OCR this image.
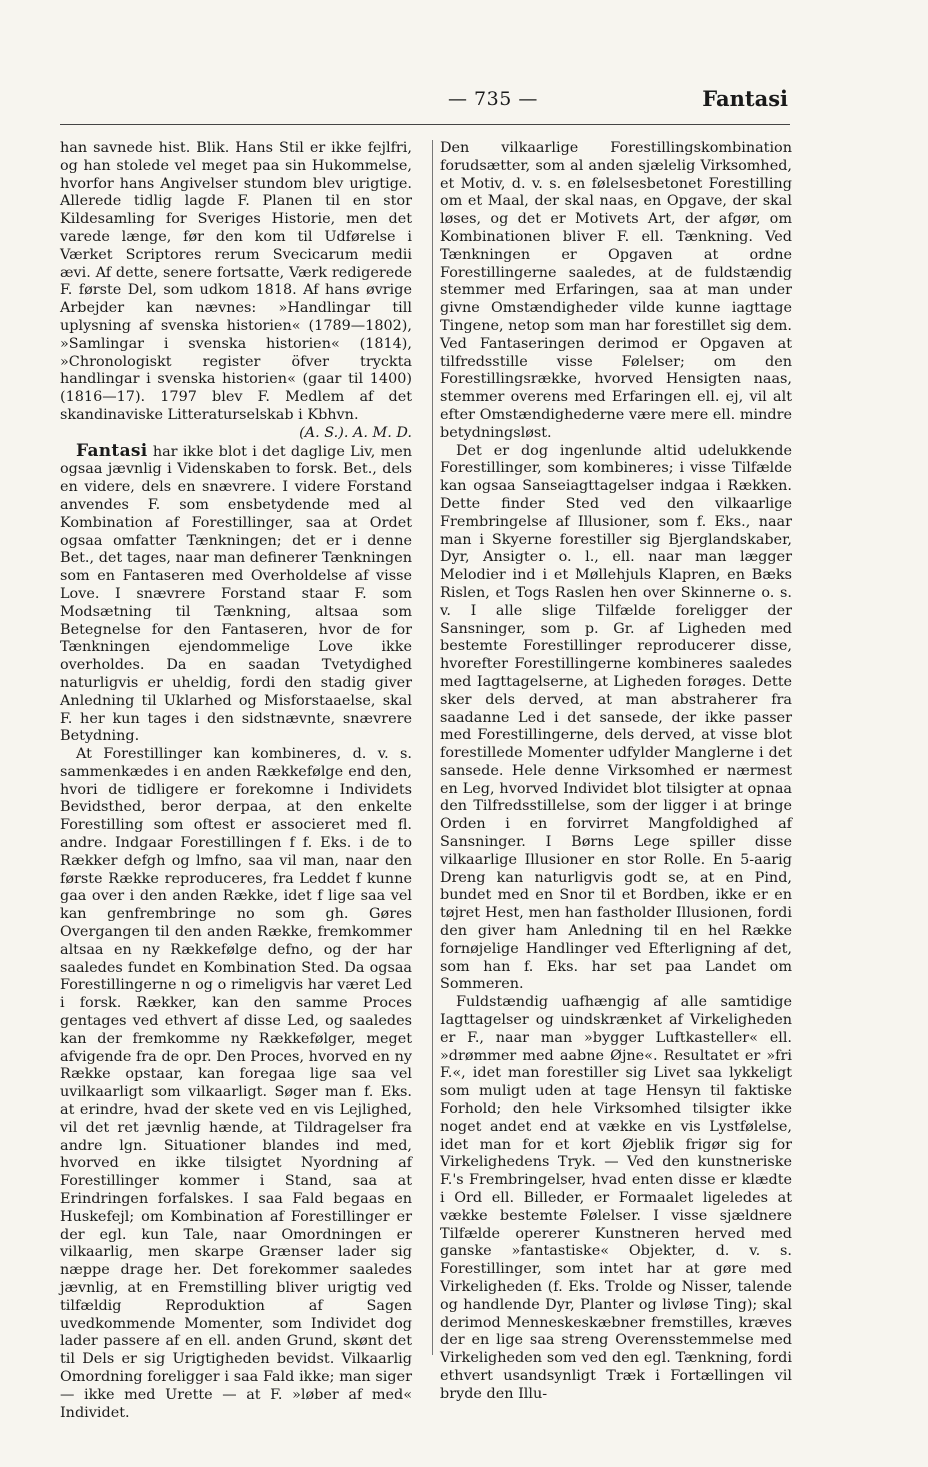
— 735 —	Fantasi

han savnede hist. Blik. Hans Stil er ikke fejlfri, og han stolede vel meget paa sin Hukommelse, hvorfor hans Angivelser stundom blev urigtige. Allerede tidlig lagde F. Planen til en stor Kildesamling for Sveriges Historie, men det varede længe, før den kom til Udførelse i Værket Scriptores rerum Svecicarum medii ævi. Af dette, senere fortsatte, Værk redigerede F. første Del, som udkom 1818. Af hans øvrige Arbejder kan nævnes: »Handlingar till uplysning af svenska historien« (1789—1802), »Samlingar i svenska historien« (1814), »Chronologiskt register öfver tryckta handlingar i svenska historien« (gaar til 1400) (1816—17). 1797 blev F. Medlem af det skandinaviske Litteraturselskab i Kbhvn.

(A. S.). A. M. D.

Fantasi har ikke blot i det daglige Liv, men ogsaa jævnlig i Videnskaben to forsk. Bet., dels en videre, dels en snævrere. I videre Forstand anvendes F. som ensbetydende med al Kombination af Forestillinger, saa at Ordet ogsaa omfatter Tænkningen; det er i denne Bet., det tages, naar man definerer Tænkningen som en Fantaseren med Overholdelse af visse Love. I snævrere Forstand staar F. som Modsætning til Tænkning, altsaa som Betegnelse for den Fantaseren, hvor de for Tænkningen ejendommelige Love ikke overholdes. Da en saadan Tvetydighed naturligvis er uheldig, fordi den stadig giver Anledning til Uklarhed og Misforstaaelse, skal F. her kun tages i den sidstnævnte, snævrere Betydning.

At Forestillinger kan kombineres, d. v. s. sammenkædes i en anden Rækkefølge end den, hvori de tidligere er forekomne i Individets Bevidsthed, beror derpaa, at den enkelte Forestilling som oftest er associeret med fl. andre. Indgaar Forestillingen f f. Eks. i de to Rækker defgh og lmfno, saa vil man, naar den første Række reproduceres, fra Leddet f kunne gaa over i den anden Række, idet f lige saa vel kan genfrembringe no som gh. Gøres Overgangen til den anden Række, fremkommer altsaa en ny Rækkefølge defno, og der har saaledes fundet en Kombination Sted. Da ogsaa Forestillingerne n og o rimeligvis har været Led i forsk. Rækker, kan den samme Proces gentages ved ethvert af disse Led, og saaledes kan der fremkomme ny Rækkefølger, meget afvigende fra de opr. Den Proces, hvorved en ny Række opstaar, kan foregaa lige saa vel uvilkaarligt som vilkaarligt. Søger man f. Eks. at erindre, hvad der skete ved en vis Lejlighed, vil det ret jævnlig hænde, at Tildragelser fra andre lgn. Situationer blandes ind med, hvorved en ikke tilsigtet Nyordning af Forestillinger kommer i Stand, saa at Erindringen forfalskes. I saa Fald begaas en Huskefejl; om Kombination af Forestillinger er der egl. kun Tale, naar Omordningen er vilkaarlig, men skarpe Grænser lader sig næppe drage her. Det forekommer saaledes jævnlig, at en Fremstilling bliver urigtig ved tilfældig Reproduktion af Sagen uvedkommende Momenter, som Individet dog lader passere af en ell. anden Grund, skønt det til Dels er sig Urigtigheden bevidst. Vilkaarlig Omordning foreligger i saa Fald ikke; man siger — ikke med Urette — at F. »løber af med« Individet.

Den vilkaarlige Forestillingskombination forudsætter, som al anden sjælelig Virksomhed, et Motiv, d. v. s. en følelsesbetonet Forestilling om et Maal, der skal naas, en Opgave, der skal løses, og det er Motivets Art, der afgør, om Kombinationen bliver F. ell. Tænkning. Ved Tænkningen er Opgaven at ordne Forestillingerne saaledes, at de fuldstændig stemmer med Erfaringen, saa at man under givne Omstændigheder vilde kunne iagttage Tingene, netop som man har forestillet sig dem. Ved Fantaseringen derimod er Opgaven at tilfredsstille visse Følelser; om den Forestillingsrække, hvorved Hensigten naas, stemmer overens med Erfaringen ell. ej, vil alt efter Omstændighederne være mere ell. mindre betydningsløst.

Det er dog ingenlunde altid udelukkende Forestillinger, som kombineres; i visse Tilfælde kan ogsaa Sanseiagttagelser indgaa i Rækken. Dette finder Sted ved den vilkaarlige Frembringelse af Illusioner, som f. Eks., naar man i Skyerne forestiller sig Bjerglandskaber, Dyr, Ansigter o. l., ell. naar man lægger Melodier ind i et Møllehjuls Klapren, en Bæks Rislen, et Togs Raslen hen over Skinnerne o. s. v. I alle slige Tilfælde foreligger der Sansninger, som p. Gr. af Ligheden med bestemte Forestillinger reproducerer disse, hvorefter Forestillingerne kombineres saaledes med Iagttagelserne, at Ligheden forøges. Dette sker dels derved, at man abstraherer fra saadanne Led i det sansede, der ikke passer med Forestillingerne, dels derved, at visse blot forestillede Momenter udfylder Manglerne i det sansede. Hele denne Virksomhed er nærmest en Leg, hvorved Individet blot tilsigter at opnaa den Tilfredsstillelse, som der ligger i at bringe Orden i en forvirret Mangfoldighed af Sansninger. I Børns Lege spiller disse vilkaarlige Illusioner en stor Rolle. En 5-aarig Dreng kan naturligvis godt se, at en Pind, bundet med en Snor til et Bordben, ikke er en tøjret Hest, men han fastholder Illusionen, fordi den giver ham Anledning til en hel Række fornøjelige Handlinger ved Efterligning af det, som han f. Eks. har set paa Landet om Sommeren.

Fuldstændig uafhængig af alle samtidige Iagttagelser og uindskrænket af Virkeligheden er F., naar man »bygger Luftkasteller« ell. »drømmer med aabne Øjne«. Resultatet er »fri F.«, idet man forestiller sig Livet saa lykkeligt som muligt uden at tage Hensyn til faktiske Forhold; den hele Virksomhed tilsigter ikke noget andet end at vække en vis Lystfølelse, idet man for et kort Øjeblik frigør sig for Virkelighedens Tryk. — Ved den kunstneriske F.'s Frembringelser, hvad enten disse er klædte i Ord ell. Billeder, er Formaalet ligeledes at vække bestemte Følelser. I visse sjældnere Tilfælde opererer Kunstneren herved med ganske »fantastiske« Objekter, d. v. s. Forestillinger, som intet har at gøre med Virkeligheden (f. Eks. Trolde og Nisser, talende og handlende Dyr, Planter og livløse Ting); skal derimod Menneskeskæbner fremstilles, kræves der en lige saa streng Overensstemmelse med Virkeligheden som ved den egl. Tænkning, fordi ethvert usandsynligt Træk i Fortællingen vil bryde den Illu-
